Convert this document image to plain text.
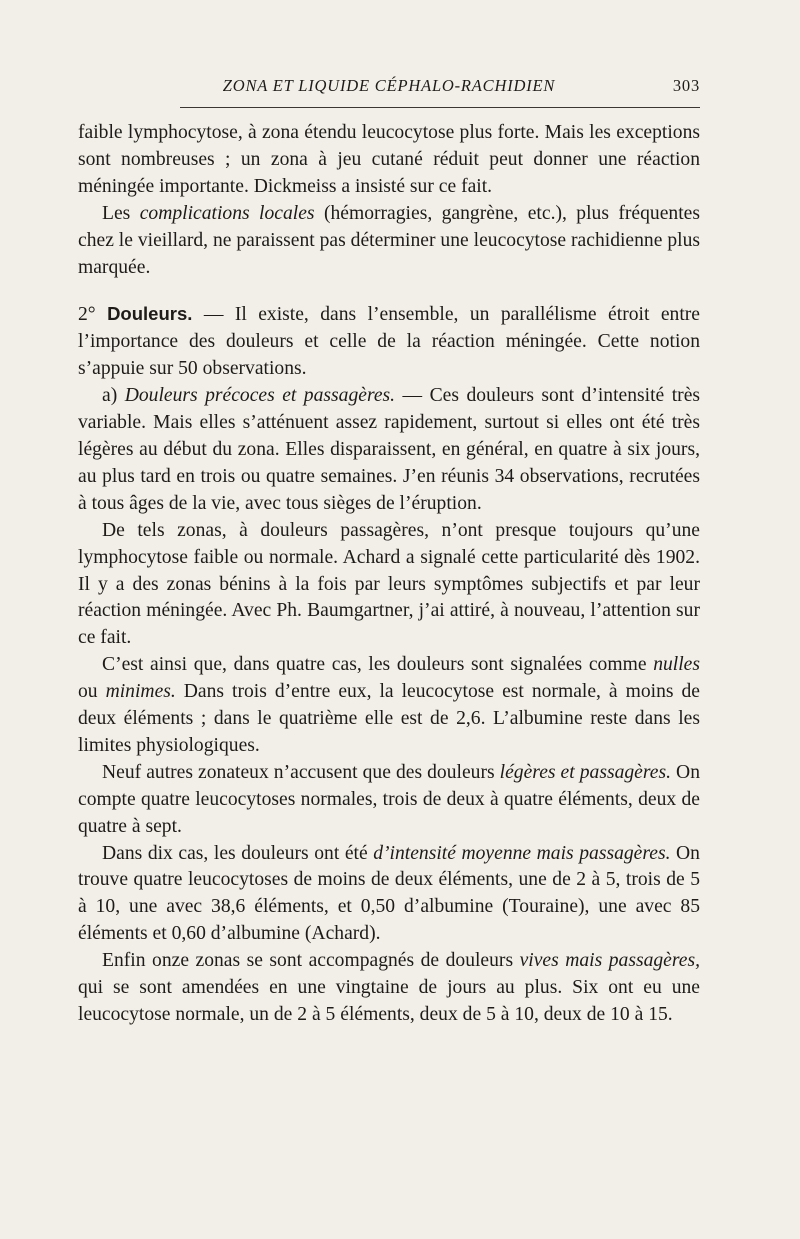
ZONA ET LIQUIDE CÉPHALO-RACHIDIEN	303

faible lymphocytose, à zona étendu leucocytose plus forte. Mais les exceptions sont nombreuses ; un zona à jeu cutané réduit peut donner une réaction méningée importante. Dickmeiss a insisté sur ce fait.

Les complications locales (hémorragies, gangrène, etc.), plus fréquentes chez le vieillard, ne paraissent pas déterminer une leucocytose rachidienne plus marquée.

2° Douleurs. — Il existe, dans l’ensemble, un parallélisme étroit entre l’importance des douleurs et celle de la réaction méningée. Cette notion s’appuie sur 50 observations.

a) Douleurs précoces et passagères. — Ces douleurs sont d’intensité très variable. Mais elles s’atténuent assez rapidement, surtout si elles ont été très légères au début du zona. Elles disparaissent, en général, en quatre à six jours, au plus tard en trois ou quatre semaines. J’en réunis 34 observations, recrutées à tous âges de la vie, avec tous sièges de l’éruption.

De tels zonas, à douleurs passagères, n’ont presque toujours qu’une lymphocytose faible ou normale. Achard a signalé cette particularité dès 1902. Il y a des zonas bénins à la fois par leurs symptômes subjectifs et par leur réaction méningée. Avec Ph. Baumgartner, j’ai attiré, à nouveau, l’attention sur ce fait.

C’est ainsi que, dans quatre cas, les douleurs sont signalées comme nulles ou minimes. Dans trois d’entre eux, la leucocytose est normale, à moins de deux éléments ; dans le quatrième elle est de 2,6. L’albumine reste dans les limites physiologiques.

Neuf autres zonateux n’accusent que des douleurs légères et passagères. On compte quatre leucocytoses normales, trois de deux à quatre éléments, deux de quatre à sept.

Dans dix cas, les douleurs ont été d’intensité moyenne mais passagères. On trouve quatre leucocytoses de moins de deux éléments, une de 2 à 5, trois de 5 à 10, une avec 38,6 éléments, et 0,50 d’albumine (Touraine), une avec 85 éléments et 0,60 d’albumine (Achard).

Enfin onze zonas se sont accompagnés de douleurs vives mais passagères, qui se sont amendées en une vingtaine de jours au plus. Six ont eu une leucocytose normale, un de 2 à 5 éléments, deux de 5 à 10, deux de 10 à 15.
